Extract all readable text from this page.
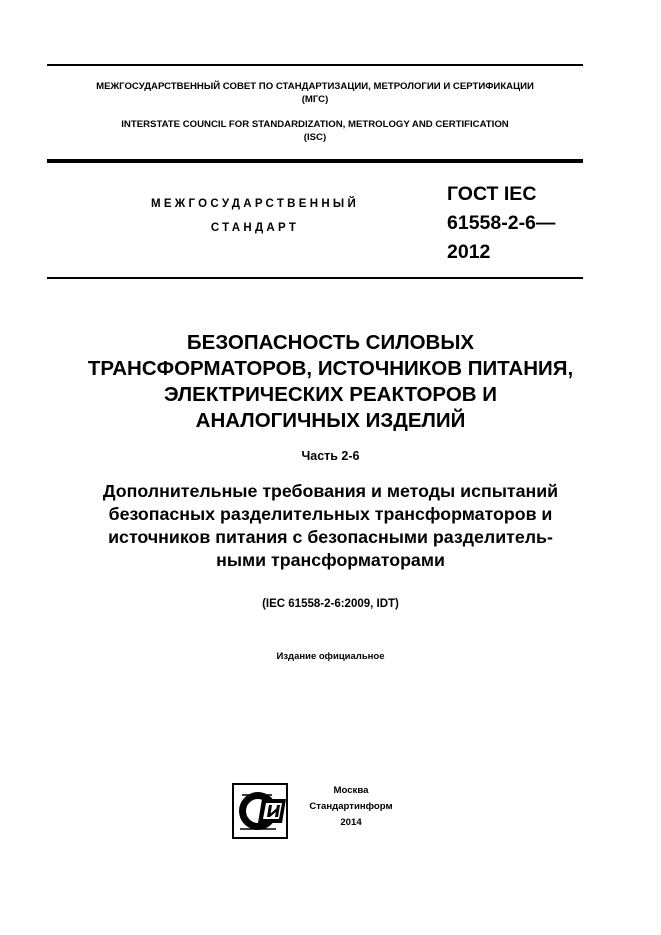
МЕЖГОСУДАРСТВЕННЫЙ СОВЕТ ПО СТАНДАРТИЗАЦИИ, МЕТРОЛОГИИ И СЕРТИФИКАЦИИ
(МГС)
INTERSTATE COUNCIL FOR STANDARDIZATION, METROLOGY AND CERTIFICATION
(ISC)
МЕЖГОСУДАРСТВЕННЫЙ
СТАНДАРТ
ГОСТ IEC
61558-2-6—
2012
БЕЗОПАСНОСТЬ СИЛОВЫХ
ТРАНСФОРМАТОРОВ, ИСТОЧНИКОВ ПИТАНИЯ,
ЭЛЕКТРИЧЕСКИХ РЕАКТОРОВ И
АНАЛОГИЧНЫХ ИЗДЕЛИЙ
Часть 2-6
Дополнительные требования и методы испытаний
безопасных разделительных трансформаторов и
источников питания с безопасными разделитель-
ными трансформаторами
(IEC 61558-2-6:2009, IDT)
Издание официальное
Москва
Стандартинформ
2014
